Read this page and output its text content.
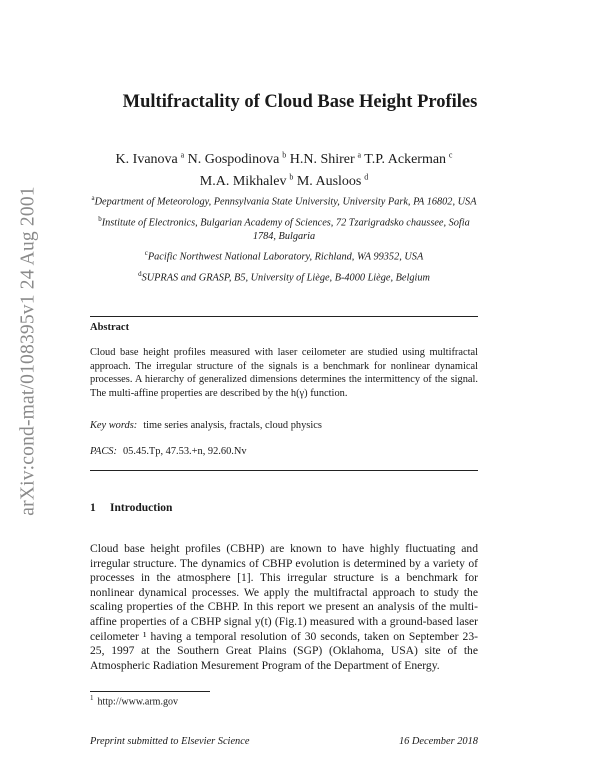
arXiv:cond-mat/0108395v1 24 Aug 2001
Multifractality of Cloud Base Height Profiles
K. Ivanova  $^a$ N. Gospodinova  $^b$ H.N. Shirer  $^a$ T.P. Ackerman  $^c$
M.A. Mikhalev  $^b$ M. Ausloos  $^d$
$^a$Department of Meteorology, Pennsylvania State University, University Park, PA 16802, USA
$^b$Institute of Electronics, Bulgarian Academy of Sciences, 72 Tzarigradsko chaussee, Sofia 1784, Bulgaria
$^c$Pacific Northwest National Laboratory, Richland, WA 99352, USA
$^d$SUPRAS and GRASP, B5, University of Liège, B-4000 Liège, Belgium
Abstract
Cloud base height profiles measured with laser ceilometer are studied using multifractal approach. The irregular structure of the signals is a benchmark for nonlinear dynamical processes. A hierarchy of generalized dimensions determines the intermittency of the signal. The multi-affine properties are described by the h(γ) function.
Key words: time series analysis, fractals, cloud physics
PACS: 05.45.Tp, 47.53.+n, 92.60.Nv
1 Introduction
Cloud base height profiles (CBHP) are known to have highly fluctuating and irregular structure. The dynamics of CBHP evolution is determined by a variety of processes in the atmosphere [1]. This irregular structure is a benchmark for nonlinear dynamical processes. We apply the multifractal approach to study the scaling properties of the CBHP. In this report we present an analysis of the multi-affine properties of a CBHP signal y(t) (Fig.1) measured with a ground-based laser ceilometer ¹ having a temporal resolution of 30 seconds, taken on September 23-25, 1997 at the Southern Great Plains (SGP) (Oklahoma, USA) site of the Atmospheric Radiation Mesurement Program of the Department of Energy.
$^1$ http://www.arm.gov
Preprint submitted to Elsevier Science	16 December 2018
